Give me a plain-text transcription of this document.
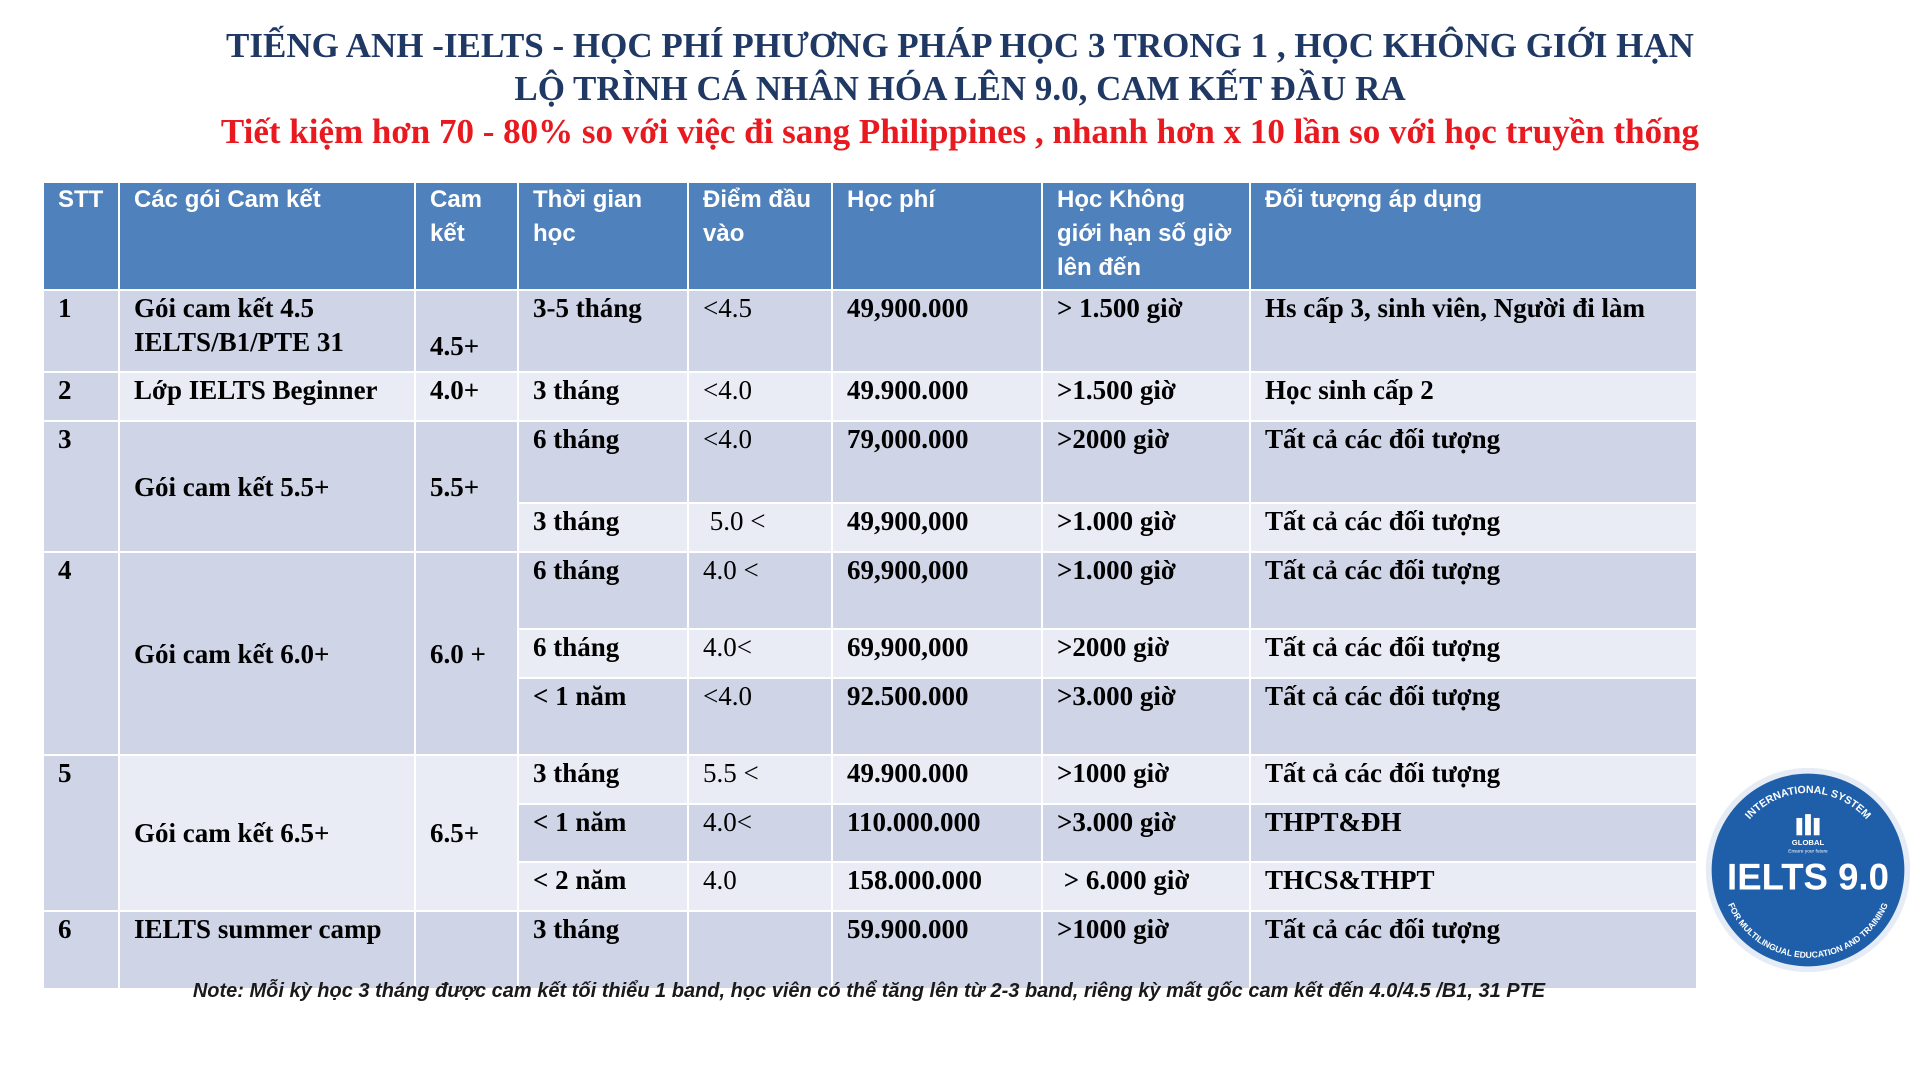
TIẾNG ANH -IELTS - HỌC PHÍ PHƯƠNG PHÁP HỌC 3 TRONG 1 , HỌC KHÔNG GIỚI HẠN
LỘ TRÌNH CÁ NHÂN HÓA LÊN 9.0, CAM KẾT ĐẦU RA
Tiết kiệm hơn 70 - 80% so với việc đi sang Philippines , nhanh hơn x 10 lần so với học truyền thống
STT	Các gói Cam kết	Cam kết	Thời gian học	Điểm đầu vào	Học phí	Học Không giới hạn số giờ lên đến	Đối tượng áp dụng
1	Gói cam kết 4.5 IELTS/B1/PTE 31	4.5+	3-5 tháng	<4.5	49,900.000	> 1.500 giờ	Hs cấp 3, sinh viên, Người đi làm
2	Lớp IELTS Beginner	4.0+	3 tháng	<4.0	49.900.000	>1.500 giờ	Học sinh cấp 2
3	Gói cam kết 5.5+	5.5+	6 tháng	<4.0	79,000.000	>2000 giờ	Tất cả các đối tượng
			3 tháng	5.0 <	49,900,000	>1.000 giờ	Tất cả các đối tượng
4	Gói cam kết 6.0+	6.0 +	6 tháng	4.0 <	69,900,000	>1.000 giờ	Tất cả các đối tượng
			6 tháng	4.0<	69,900,000	>2000 giờ	Tất cả các đối tượng
			< 1 năm	<4.0	92.500.000	>3.000 giờ	Tất cả các đối tượng
5	Gói cam kết 6.5+	6.5+	3 tháng	5.5 <	49.900.000	>1000 giờ	Tất cả các đối tượng
			< 1 năm	4.0<	110.000.000	>3.000 giờ	THPT&ĐH
			< 2 năm	4.0	158.000.000	> 6.000 giờ	THCS&THPT
6	IELTS summer camp		3 tháng		59.900.000	>1000 giờ	Tất cả các đối tượng
Note: Mỗi kỳ học 3 tháng được cam kết tối thiểu 1 band, học viên có thể tăng lên từ 2-3 band, riêng kỳ mất gốc cam kết đến 4.0/4.5 /B1, 31 PTE
INTERNATIONAL SYSTEM
FOR MULTILINGUAL EDUCATION AND TRAINING
GLOBAL
Ensure your future
IELTS 9.0
